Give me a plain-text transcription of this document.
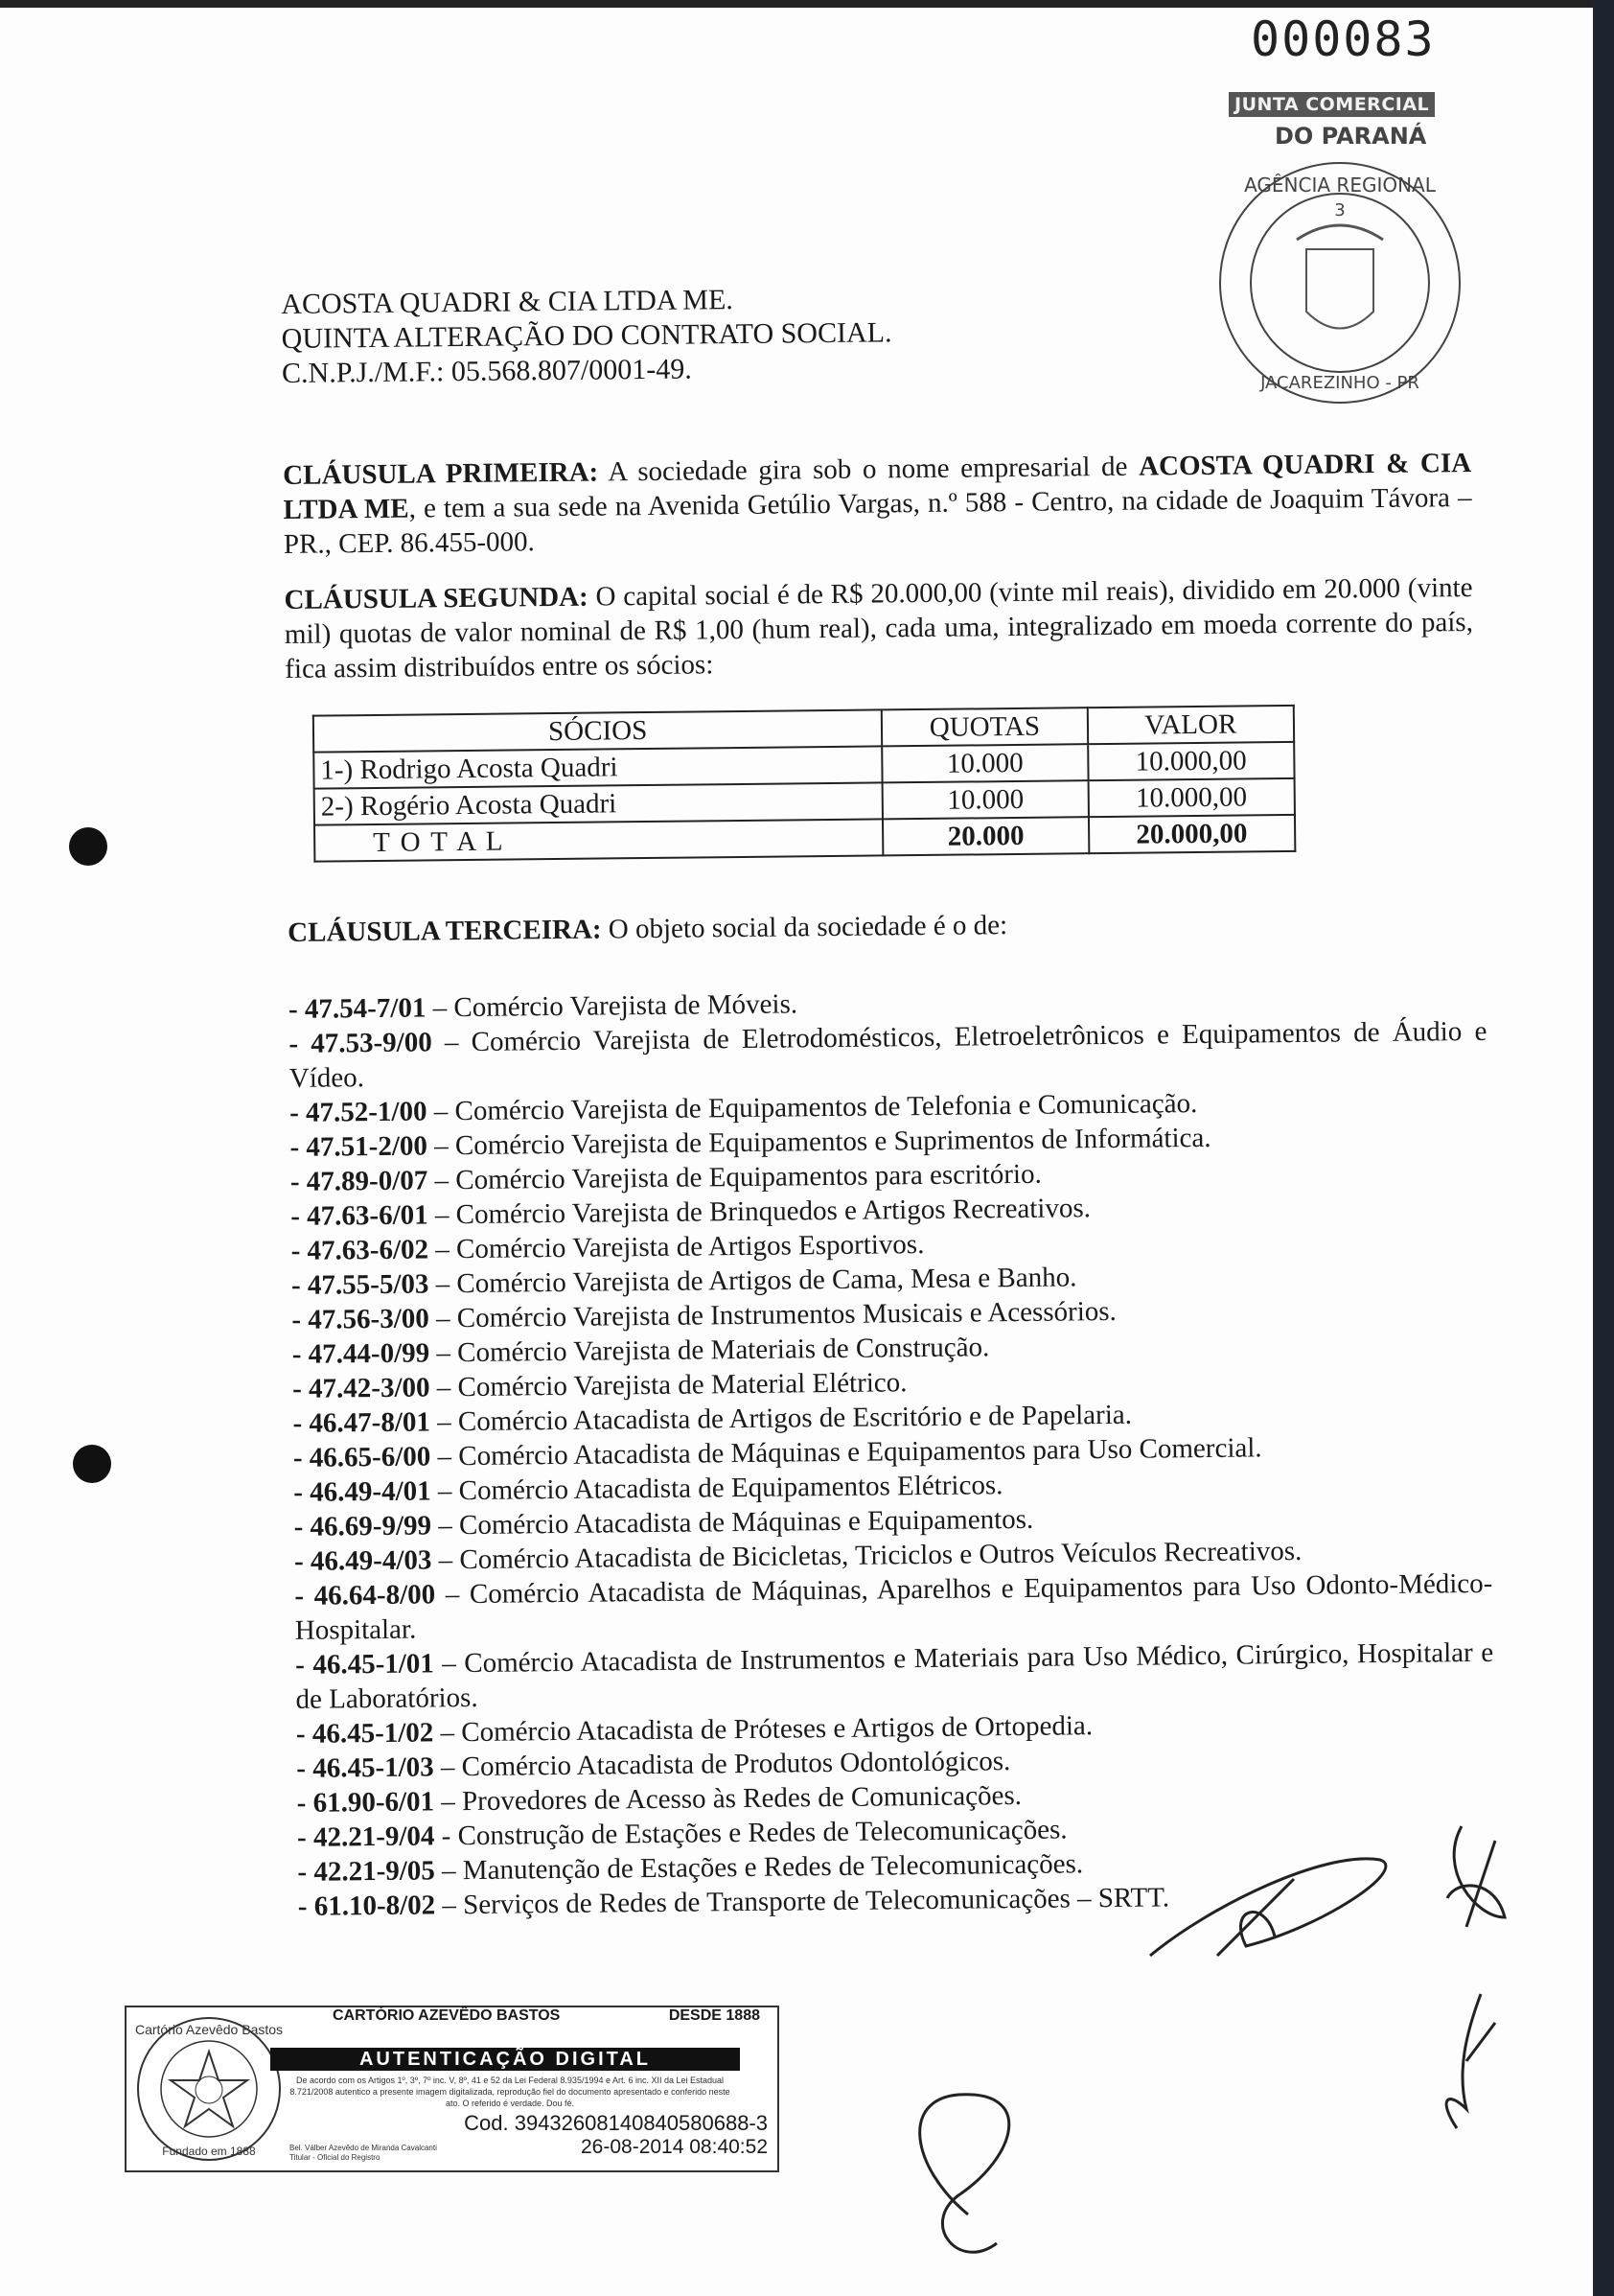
000083
JUNTA COMERCIAL
DO PARANÁ
AGÊNCIA REGIONAL
3
JACAREZINHO - PR
ACOSTA QUADRI & CIA LTDA ME.
QUINTA ALTERAÇÃO DO CONTRATO SOCIAL.
C.N.P.J./M.F.: 05.568.807/0001-49.
CLÁUSULA PRIMEIRA: A sociedade gira sob o nome empresarial de ACOSTA QUADRI & CIA LTDA ME, e tem a sua sede na Avenida Getúlio Vargas, n.º 588 - Centro, na cidade de Joaquim Távora – PR., CEP. 86.455-000.
CLÁUSULA SEGUNDA: O capital social é de R$ 20.000,00 (vinte mil reais), dividido em 20.000 (vinte mil) quotas de valor nominal de R$ 1,00 (hum real), cada uma, integralizado em moeda corrente do país, fica assim distribuídos entre os sócios:
SÓCIOS	QUOTAS	VALOR
1-) Rodrigo Acosta Quadri	10.000	10.000,00
2-) Rogério Acosta Quadri	10.000	10.000,00
T O T A L	20.000	20.000,00
CLÁUSULA TERCEIRA: O objeto social da sociedade é o de:
- 47.54-7/01 – Comércio Varejista de Móveis.
- 47.53-9/00 – Comércio Varejista de Eletrodomésticos, Eletroeletrônicos e Equipamentos de Áudio e Vídeo.
- 47.52-1/00 – Comércio Varejista de Equipamentos de Telefonia e Comunicação.
- 47.51-2/00 – Comércio Varejista de Equipamentos e Suprimentos de Informática.
- 47.89-0/07 – Comércio Varejista de Equipamentos para escritório.
- 47.63-6/01 – Comércio Varejista de Brinquedos e Artigos Recreativos.
- 47.63-6/02 – Comércio Varejista de Artigos Esportivos.
- 47.55-5/03 – Comércio Varejista de Artigos de Cama, Mesa e Banho.
- 47.56-3/00 – Comércio Varejista de Instrumentos Musicais e Acessórios.
- 47.44-0/99 – Comércio Varejista de Materiais de Construção.
- 47.42-3/00 – Comércio Varejista de Material Elétrico.
- 46.47-8/01 – Comércio Atacadista de Artigos de Escritório e de Papelaria.
- 46.65-6/00 – Comércio Atacadista de Máquinas e Equipamentos para Uso Comercial.
- 46.49-4/01 – Comércio Atacadista de Equipamentos Elétricos.
- 46.69-9/99 – Comércio Atacadista de Máquinas e Equipamentos.
- 46.49-4/03 – Comércio Atacadista de Bicicletas, Triciclos e Outros Veículos Recreativos.
- 46.64-8/00 – Comércio Atacadista de Máquinas, Aparelhos e Equipamentos para Uso Odonto-Médico-Hospitalar.
- 46.45-1/01 – Comércio Atacadista de Instrumentos e Materiais para Uso Médico, Cirúrgico, Hospitalar e de Laboratórios.
- 46.45-1/02 – Comércio Atacadista de Próteses e Artigos de Ortopedia.
- 46.45-1/03 – Comércio Atacadista de Produtos Odontológicos.
- 61.90-6/01 – Provedores de Acesso às Redes de Comunicações.
- 42.21-9/04 - Construção de Estações e Redes de Telecomunicações.
- 42.21-9/05 – Manutenção de Estações e Redes de Telecomunicações.
- 61.10-8/02 – Serviços de Redes de Transporte de Telecomunicações – SRTT.
Cartório Azevêdo Bastos
Fundado em 1888
CARTÓRIO AZEVÊDO BASTOS	DESDE 1888
AUTENTICAÇÃO DIGITAL
De acordo com os Artigos 1º, 3º, 7º inc. V, 8º, 41 e 52 da Lei Federal 8.935/1994 e Art. 6 inc. XII da Lei Estadual 8.721/2008 autentico a presente imagem digitalizada, reprodução fiel do documento apresentado e conferido neste ato. O referido é verdade. Dou fé.
Cod. 39432608140840580688-3
26-08-2014 08:40:52
Bel. Válber Azevêdo de Miranda Cavalcanti
Titular - Oficial do Registro
